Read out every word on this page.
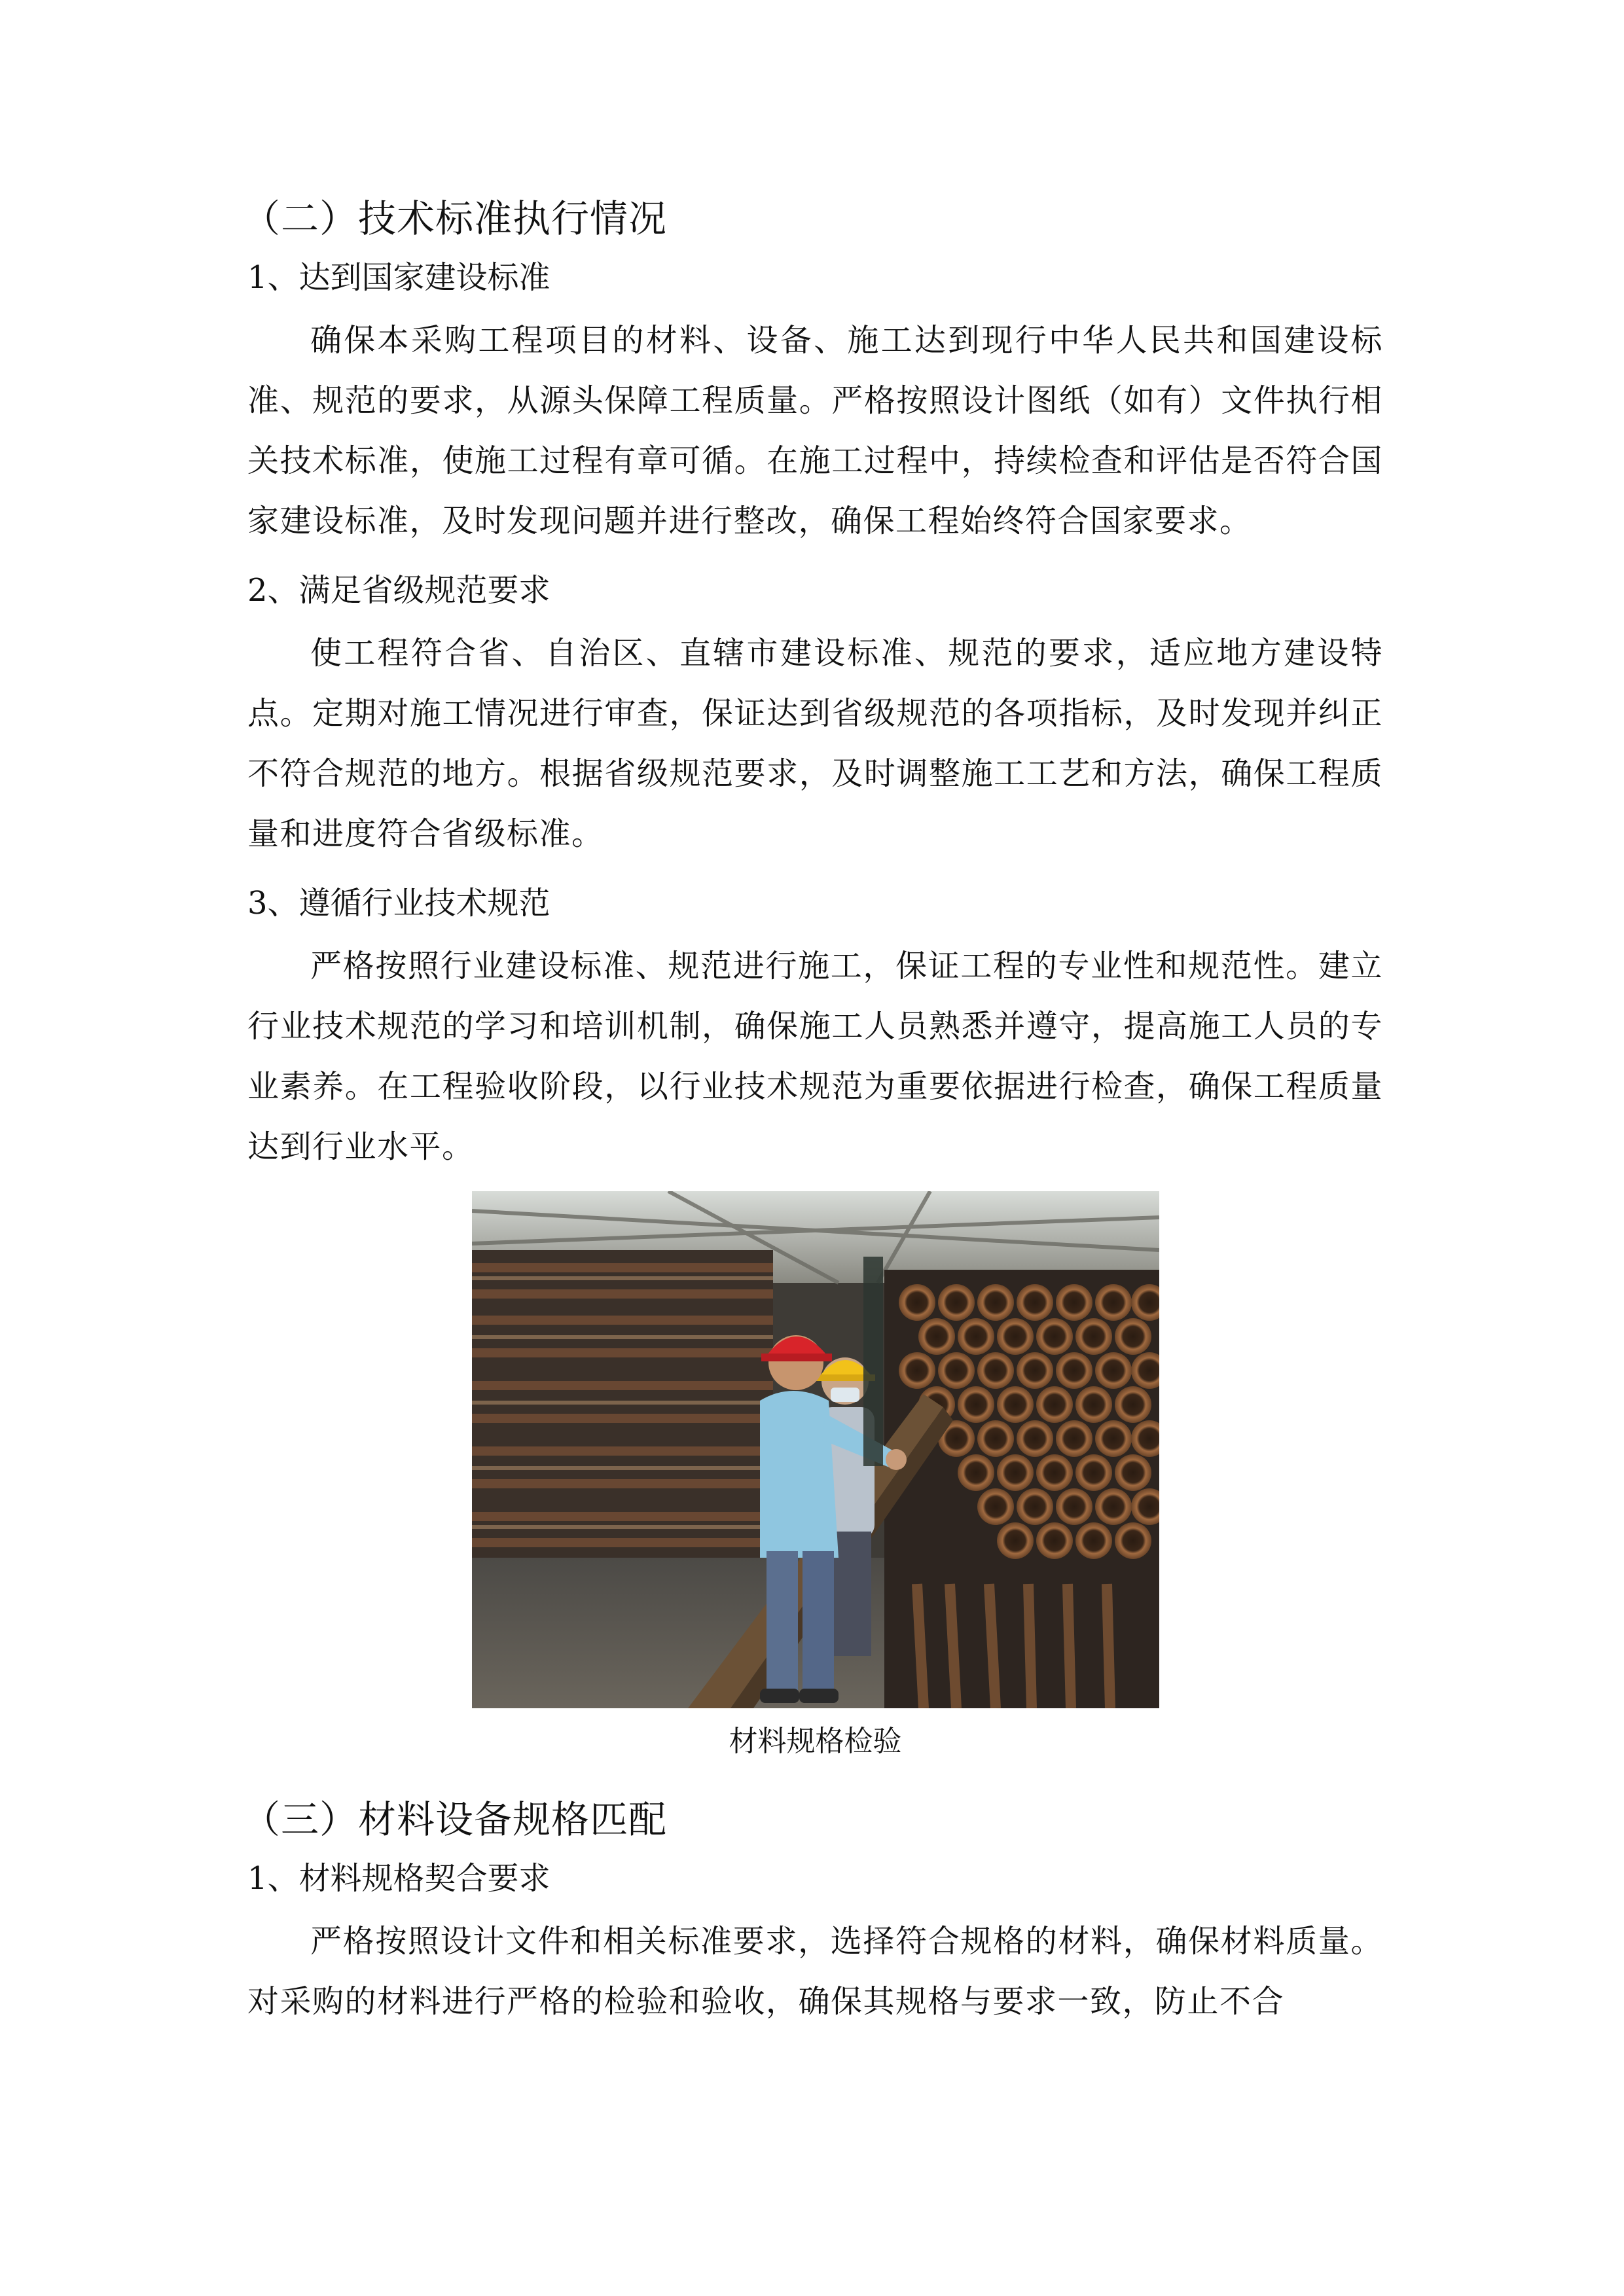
（二）技术标准执行情况
1、达到国家建设标准

确保本采购工程项目的材料、设备、施工达到现行中华人民共和国建设标准、规范的要求，从源头保障工程质量。严格按照设计图纸（如有）文件执行相关技术标准，使施工过程有章可循。在施工过程中，持续检查和评估是否符合国家建设标准，及时发现问题并进行整改，确保工程始终符合国家要求。

2、满足省级规范要求

使工程符合省、自治区、直辖市建设标准、规范的要求，适应地方建设特点。定期对施工情况进行审查，保证达到省级规范的各项指标，及时发现并纠正不符合规范的地方。根据省级规范要求，及时调整施工工艺和方法，确保工程质量和进度符合省级标准。

3、遵循行业技术规范

严格按照行业建设标准、规范进行施工，保证工程的专业性和规范性。建立行业技术规范的学习和培训机制，确保施工人员熟悉并遵守，提高施工人员的专业素养。在工程验收阶段，以行业技术规范为重要依据进行检查，确保工程质量达到行业水平。

材料规格检验
（三）材料设备规格匹配
1、材料规格契合要求

严格按照设计文件和相关标准要求，选择符合规格的材料，确保材料质量。对采购的材料进行严格的检验和验收，确保其规格与要求一致，防止不合
